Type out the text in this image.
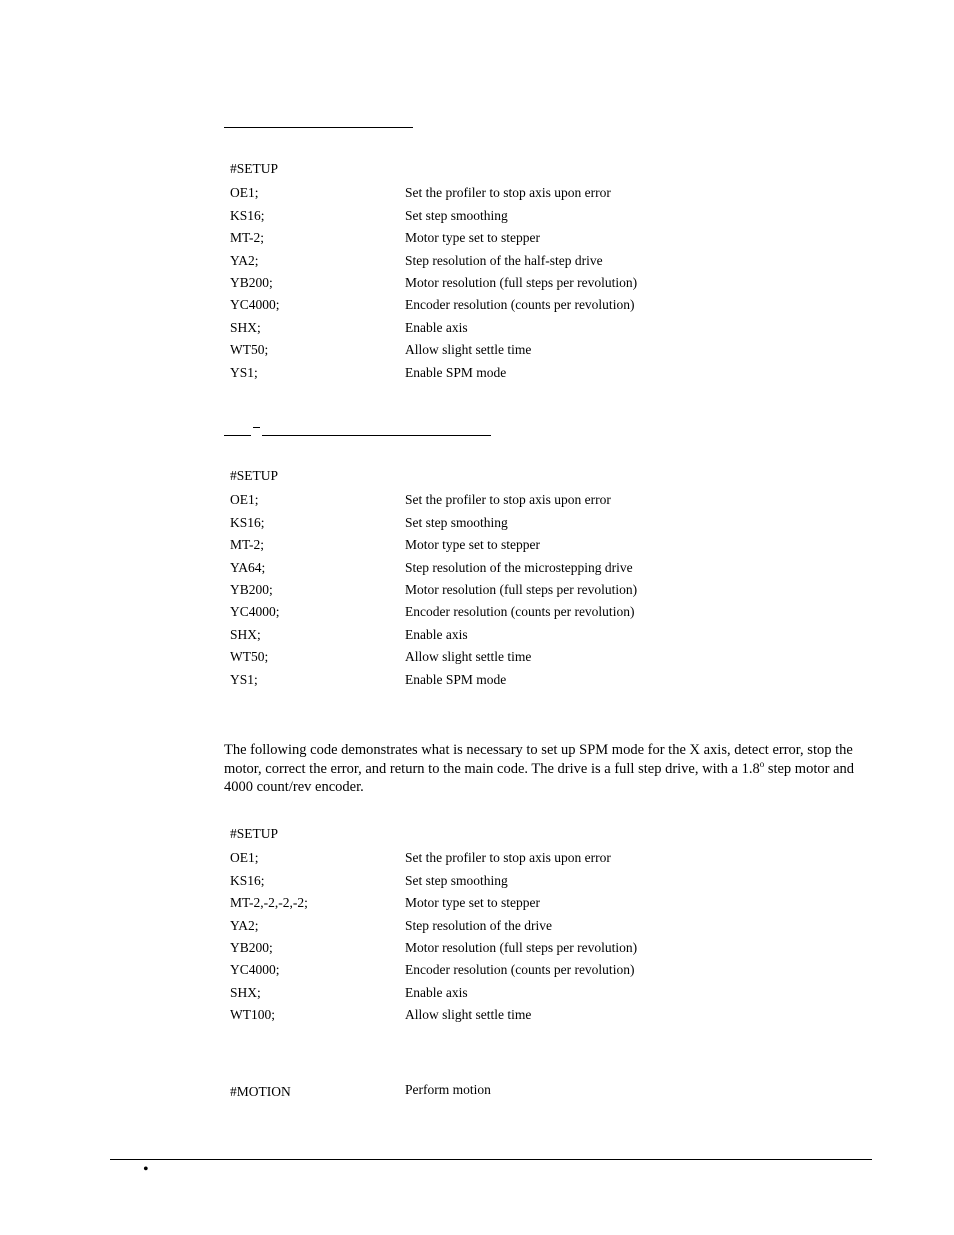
#SETUP
OE1;	Set the profiler to stop axis upon error
KS16;	Set step smoothing
MT-2;	Motor type set to stepper
YA2;	Step resolution of the half-step drive
YB200;	Motor resolution (full steps per revolution)
YC4000;	Encoder resolution (counts per revolution)
SHX;	Enable axis
WT50;	Allow slight settle time
YS1;	Enable SPM mode
#SETUP
OE1;	Set the profiler to stop axis upon error
KS16;	Set step smoothing
MT-2;	Motor type set to stepper
YA64;	Step resolution of the microstepping drive
YB200;	Motor resolution (full steps per revolution)
YC4000;	Encoder resolution (counts per revolution)
SHX;	Enable axis
WT50;	Allow slight settle time
YS1;	Enable SPM mode
The following code demonstrates what is necessary to set up SPM mode for the X axis, detect error, stop the motor, correct the error, and return to the main code. The drive is a full step drive, with a 1.8$^o$ step motor and 4000 count/rev encoder.
#SETUP
OE1;	Set the profiler to stop axis upon error
KS16;	Set step smoothing
MT-2,-2,-2,-2;	Motor type set to stepper
YA2;	Step resolution of the drive
YB200;	Motor resolution (full steps per revolution)
YC4000;	Encoder resolution (counts per revolution)
SHX;	Enable axis
WT100;	Allow slight settle time
#MOTION	Perform motion
•
